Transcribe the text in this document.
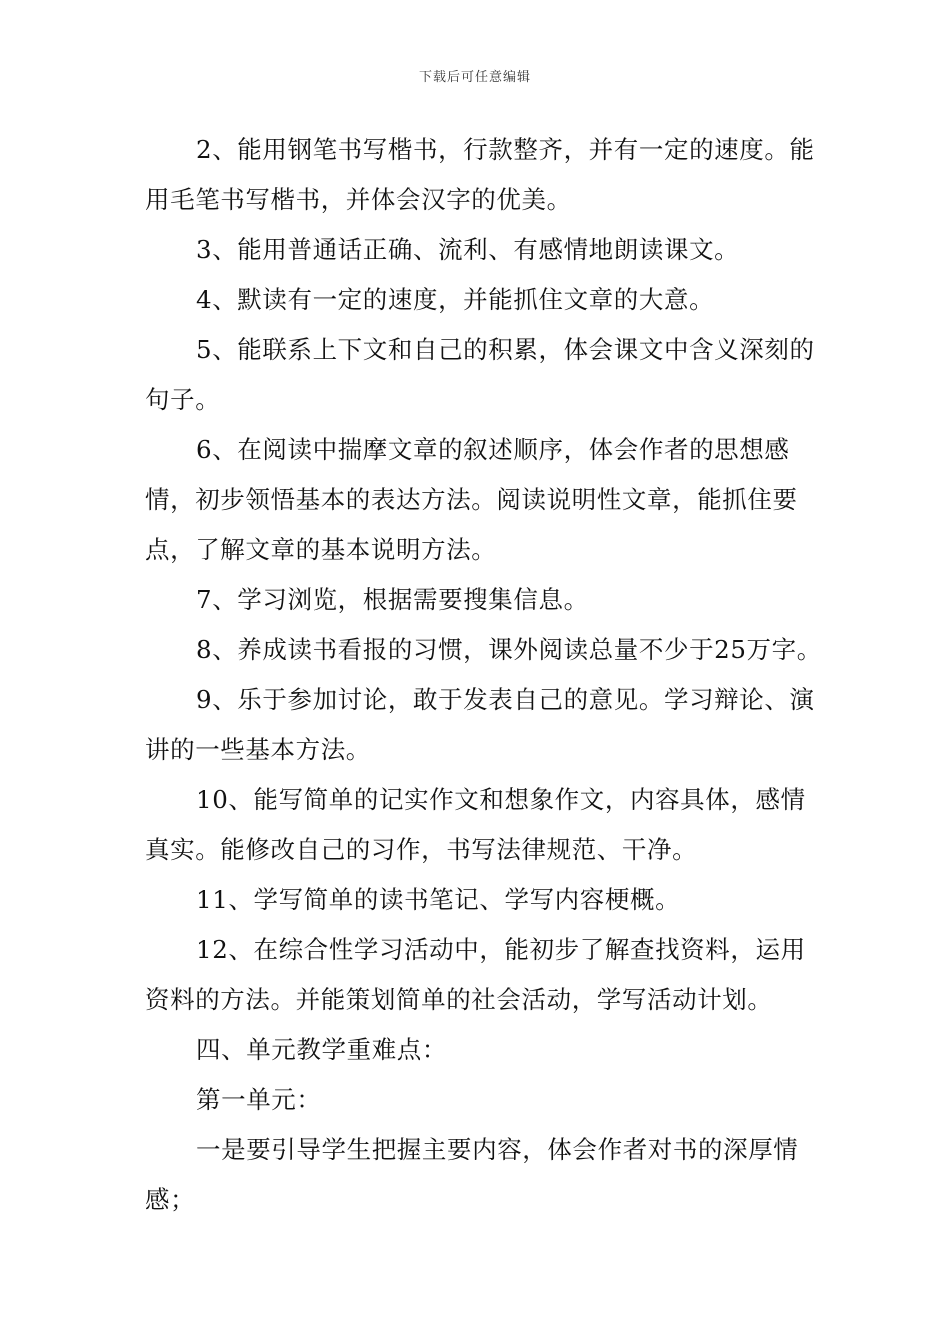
下载后可任意编辑

2、能用钢笔书写楷书，行款整齐，并有一定的速度。能用毛笔书写楷书，并体会汉字的优美。

3、能用普通话正确、流利、有感情地朗读课文。

4、默读有一定的速度，并能抓住文章的大意。

5、能联系上下文和自己的积累，体会课文中含义深刻的句子。

6、在阅读中揣摩文章的叙述顺序，体会作者的思想感情，初步领悟基本的表达方法。阅读说明性文章，能抓住要点，了解文章的基本说明方法。

7、学习浏览，根据需要搜集信息。

8、养成读书看报的习惯，课外阅读总量不少于25万字。

9、乐于参加讨论，敢于发表自己的意见。学习辩论、演讲的一些基本方法。

10、能写简单的记实作文和想象作文，内容具体，感情真实。能修改自己的习作，书写法律规范、干净。

11、学写简单的读书笔记、学写内容梗概。

12、在综合性学习活动中，能初步了解查找资料，运用资料的方法。并能策划简单的社会活动，学写活动计划。

四、单元教学重难点：

第一单元：

一是要引导学生把握主要内容，体会作者对书的深厚情感；
